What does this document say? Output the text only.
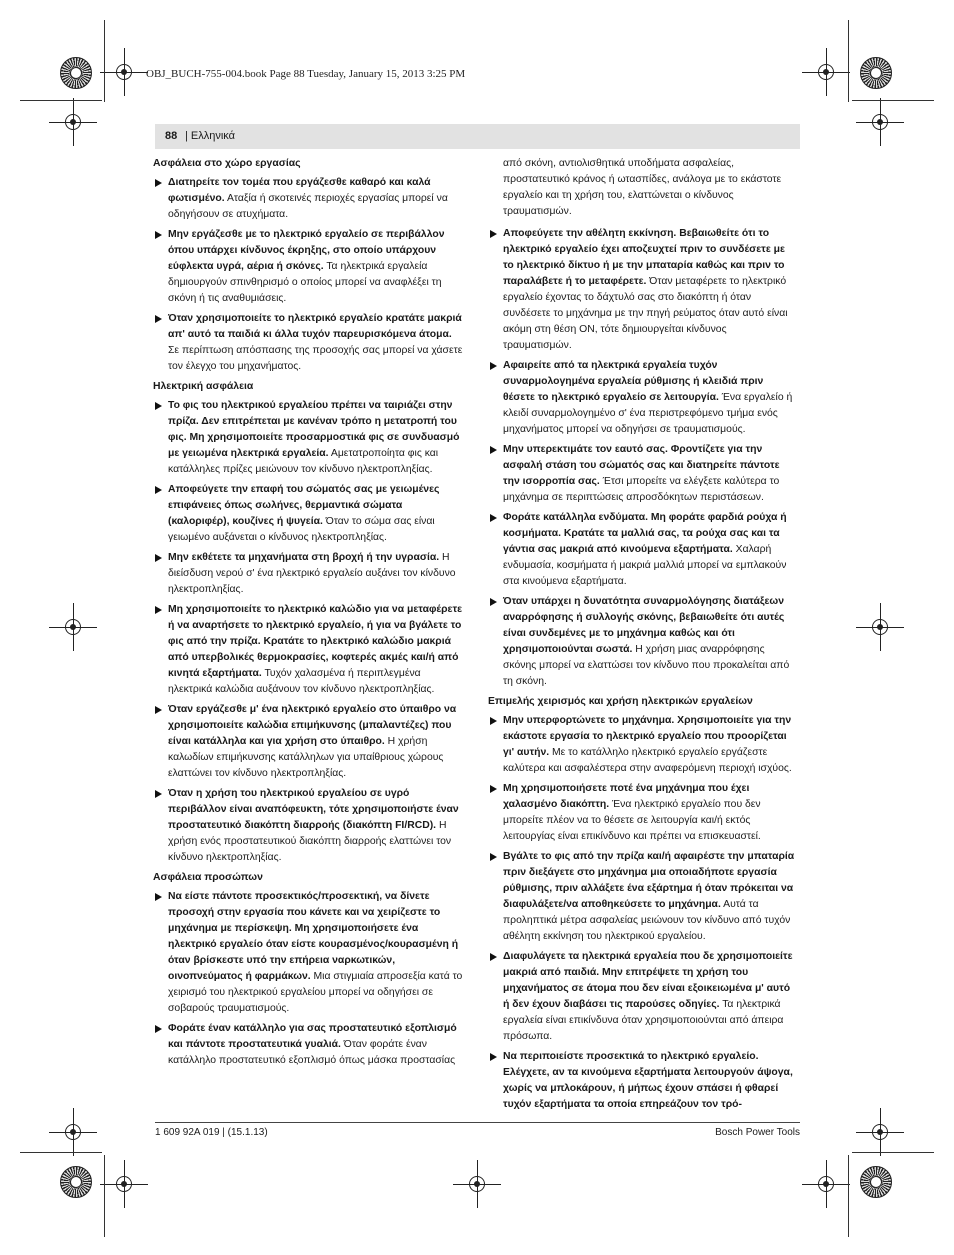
OBJ_BUCH-755-004.book Page 88 Tuesday, January 15, 2013 3:25 PM
88 | Ελληνικά
Ασφάλεια στο χώρο εργασίας
Διατηρείτε τον τομέα που εργάζεσθε καθαρό και καλά φωτισμένο. Αταξία ή σκοτεινές περιοχές εργασίας μπορεί να οδηγήσουν σε ατυχήματα.
Μην εργάζεσθε με το ηλεκτρικό εργαλείο σε περιβάλλον όπου υπάρχει κίνδυνος έκρηξης, στο οποίο υπάρχουν εύφλεκτα υγρά, αέρια ή σκόνες. Τα ηλεκτρικά εργαλεία δημιουργούν σπινθηρισμό ο οποίος μπορεί να αναφλέξει τη σκόνη ή τις αναθυμιάσεις.
Όταν χρησιμοποιείτε το ηλεκτρικό εργαλείο κρατάτε μακριά απ' αυτό τα παιδιά κι άλλα τυχόν παρευρισκόμενα άτομα. Σε περίπτωση απόσπασης της προσοχής σας μπορεί να χάσετε τον έλεγχο του μηχανήματος.
Ηλεκτρική ασφάλεια
Το φις του ηλεκτρικού εργαλείου πρέπει να ταιριάζει στην πρίζα. Δεν επιτρέπεται με κανέναν τρόπο η μετατροπή του φις. Μη χρησιμοποιείτε προσαρμοστικά φις σε συνδυασμό με γειωμένα ηλεκτρικά εργαλεία. Αμετατροποίητα φις και κατάλληλες πρίζες μειώνουν τον κίνδυνο ηλεκτροπληξίας.
Αποφεύγετε την επαφή του σώματός σας με γειωμένες επιφάνειες όπως σωλήνες, θερμαντικά σώματα (καλοριφέρ), κουζίνες ή ψυγεία. Όταν το σώμα σας είναι γειωμένο αυξάνεται ο κίνδυνος ηλεκτροπληξίας.
Μην εκθέτετε τα μηχανήματα στη βροχή ή την υγρασία. Η διείσδυση νερού σ' ένα ηλεκτρικό εργαλείο αυξάνει τον κίνδυνο ηλεκτροπληξίας.
Μη χρησιμοποιείτε το ηλεκτρικό καλώδιο για να μεταφέρετε ή να αναρτήσετε το ηλεκτρικό εργαλείο, ή για να βγάλετε το φις από την πρίζα. Κρατάτε το ηλεκτρικό καλώδιο μακριά από υπερβολικές θερμοκρασίες, κοφτερές ακμές και/ή από κινητά εξαρτήματα. Τυχόν χαλασμένα ή περιπλεγμένα ηλεκτρικά καλώδια αυξάνουν τον κίνδυνο ηλεκτροπληξίας.
Όταν εργάζεσθε μ' ένα ηλεκτρικό εργαλείο στο ύπαιθρο να χρησιμοποιείτε καλώδια επιμήκυνσης (μπαλαντέζες) που είναι κατάλληλα και για χρήση στο ύπαιθρο. Η χρήση καλωδίων επιμήκυνσης κατάλληλων για υπαίθριους χώρους ελαττώνει τον κίνδυνο ηλεκτροπληξίας.
Όταν η χρήση του ηλεκτρικού εργαλείου σε υγρό περιβάλλον είναι αναπόφευκτη, τότε χρησιμοποιήστε έναν προστατευτικό διακόπτη διαρροής (διακόπτη FI/RCD). Η χρήση ενός προστατευτικού διακόπτη διαρροής ελαττώνει τον κίνδυνο ηλεκτροπληξίας.
Ασφάλεια προσώπων
Να είστε πάντοτε προσεκτικός/προσεκτική, να δίνετε προσοχή στην εργασία που κάνετε και να χειρίζεστε το μηχάνημα με περίσκεψη. Μη χρησιμοποιήσετε ένα ηλεκτρικό εργαλείο όταν είστε κουρασμένος/κουρασμένη ή όταν βρίσκεστε υπό την επήρεια ναρκωτικών, οινοπνεύματος ή φαρμάκων. Μια στιγμιαία απροσεξία κατά το χειρισμό του ηλεκτρικού εργαλείου μπορεί να οδηγήσει σε σοβαρούς τραυματισμούς.
Φοράτε έναν κατάλληλο για σας προστατευτικό εξοπλισμό και πάντοτε προστατευτικά γυαλιά. Όταν φοράτε έναν κατάλληλο προστατευτικό εξοπλισμό όπως μάσκα προστασίας
από σκόνη, αντιολισθητικά υποδήματα ασφαλείας, προστατευτικό κράνος ή ωτασπίδες, ανάλογα με το εκάστοτε εργαλείο και τη χρήση του, ελαττώνεται ο κίνδυνος τραυματισμών.
Αποφεύγετε την αθέλητη εκκίνηση. Βεβαιωθείτε ότι το ηλεκτρικό εργαλείο έχει αποζευχτεί πριν το συνδέσετε με το ηλεκτρικό δίκτυο ή με την μπαταρία καθώς και πριν το παραλάβετε ή το μεταφέρετε. Όταν μεταφέρετε το ηλεκτρικό εργαλείο έχοντας το δάχτυλό σας στο διακόπτη ή όταν συνδέσετε το μηχάνημα με την πηγή ρεύματος όταν αυτό είναι ακόμη στη θέση ON, τότε δημιουργείται κίνδυνος τραυματισμών.
Αφαιρείτε από τα ηλεκτρικά εργαλεία τυχόν συναρμολογημένα εργαλεία ρύθμισης ή κλειδιά πριν θέσετε το ηλεκτρικό εργαλείο σε λειτουργία. Ένα εργαλείο ή κλειδί συναρμολογημένο σ' ένα περιστρεφόμενο τμήμα ενός μηχανήματος μπορεί να οδηγήσει σε τραυματισμούς.
Μην υπερεκτιμάτε τον εαυτό σας. Φροντίζετε για την ασφαλή στάση του σώματός σας και διατηρείτε πάντοτε την ισορροπία σας. Έτσι μπορείτε να ελέγξετε καλύτερα το μηχάνημα σε περιπτώσεις απροσδόκητων περιστάσεων.
Φοράτε κατάλληλα ενδύματα. Μη φοράτε φαρδιά ρούχα ή κοσμήματα. Κρατάτε τα μαλλιά σας, τα ρούχα σας και τα γάντια σας μακριά από κινούμενα εξαρτήματα. Χαλαρή ενδυμασία, κοσμήματα ή μακριά μαλλιά μπορεί να εμπλακούν στα κινούμενα εξαρτήματα.
Όταν υπάρχει η δυνατότητα συναρμολόγησης διατάξεων αναρρόφησης ή συλλογής σκόνης, βεβαιωθείτε ότι αυτές είναι συνδεμένες με το μηχάνημα καθώς και ότι χρησιμοποιούνται σωστά. Η χρήση μιας αναρρόφησης σκόνης μπορεί να ελαττώσει τον κίνδυνο που προκαλείται από τη σκόνη.
Επιμελής χειρισμός και χρήση ηλεκτρικών εργαλείων
Μην υπερφορτώνετε το μηχάνημα. Χρησιμοποιείτε για την εκάστοτε εργασία το ηλεκτρικό εργαλείο που προορίζεται γι' αυτήν. Με το κατάλληλο ηλεκτρικό εργαλείο εργάζεστε καλύτερα και ασφαλέστερα στην αναφερόμενη περιοχή ισχύος.
Μη χρησιμοποιήσετε ποτέ ένα μηχάνημα που έχει χαλασμένο διακόπτη. Ένα ηλεκτρικό εργαλείο που δεν μπορείτε πλέον να το θέσετε σε λειτουργία και/ή εκτός λειτουργίας είναι επικίνδυνο και πρέπει να επισκευαστεί.
Βγάλτε το φις από την πρίζα και/ή αφαιρέστε την μπαταρία πριν διεξάγετε στο μηχάνημα μια οποιαδήποτε εργασία ρύθμισης, πριν αλλάξετε ένα εξάρτημα ή όταν πρόκειται να διαφυλάξετε/να αποθηκεύσετε το μηχάνημα. Αυτά τα προληπτικά μέτρα ασφαλείας μειώνουν τον κίνδυνο από τυχόν αθέλητη εκκίνηση του ηλεκτρικού εργαλείου.
Διαφυλάγετε τα ηλεκτρικά εργαλεία που δε χρησιμοποιείτε μακριά από παιδιά. Μην επιτρέψετε τη χρήση του μηχανήματος σε άτομα που δεν είναι εξοικειωμένα μ' αυτό ή δεν έχουν διαβάσει τις παρούσες οδηγίες. Τα ηλεκτρικά εργαλεία είναι επικίνδυνα όταν χρησιμοποιούνται από άπειρα πρόσωπα.
Να περιποιείστε προσεκτικά το ηλεκτρικό εργαλείο. Ελέγχετε, αν τα κινούμενα εξαρτήματα λειτουργούν άψογα, χωρίς να μπλοκάρουν, ή μήπως έχουν σπάσει ή φθαρεί τυχόν εξαρτήματα τα οποία επηρεάζουν τον τρό-
1 609 92A 019 | (15.1.13)	Bosch Power Tools
